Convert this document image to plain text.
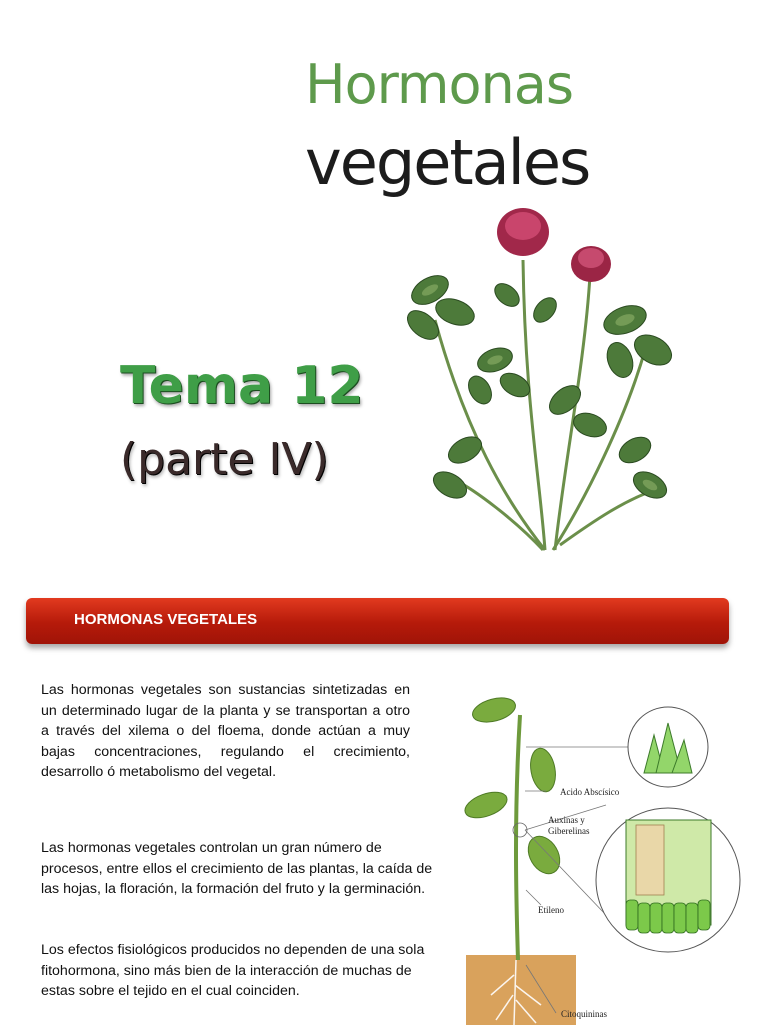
Hormonas
vegetales
Tema 12
(parte IV)
HORMONAS VEGETALES

Las hormonas vegetales son sustancias sintetizadas en un determinado lugar de la planta y se transportan a otro a través del xilema o del floema, donde actúan a muy bajas concentraciones, regulando el crecimiento, desarrollo ó metabolismo del vegetal.

Las hormonas vegetales controlan un gran número de procesos, entre ellos el crecimiento de las plantas, la caída de las hojas, la floración, la formación del fruto y la germinación.

Los efectos fisiológicos producidos no dependen de una sola fitohormona, sino más bien de la interacción de muchas de estas sobre el tejido en el cual coinciden.

Acido Abscísico
Auxinas y
Giberelinas
Etileno
Citoquininas
